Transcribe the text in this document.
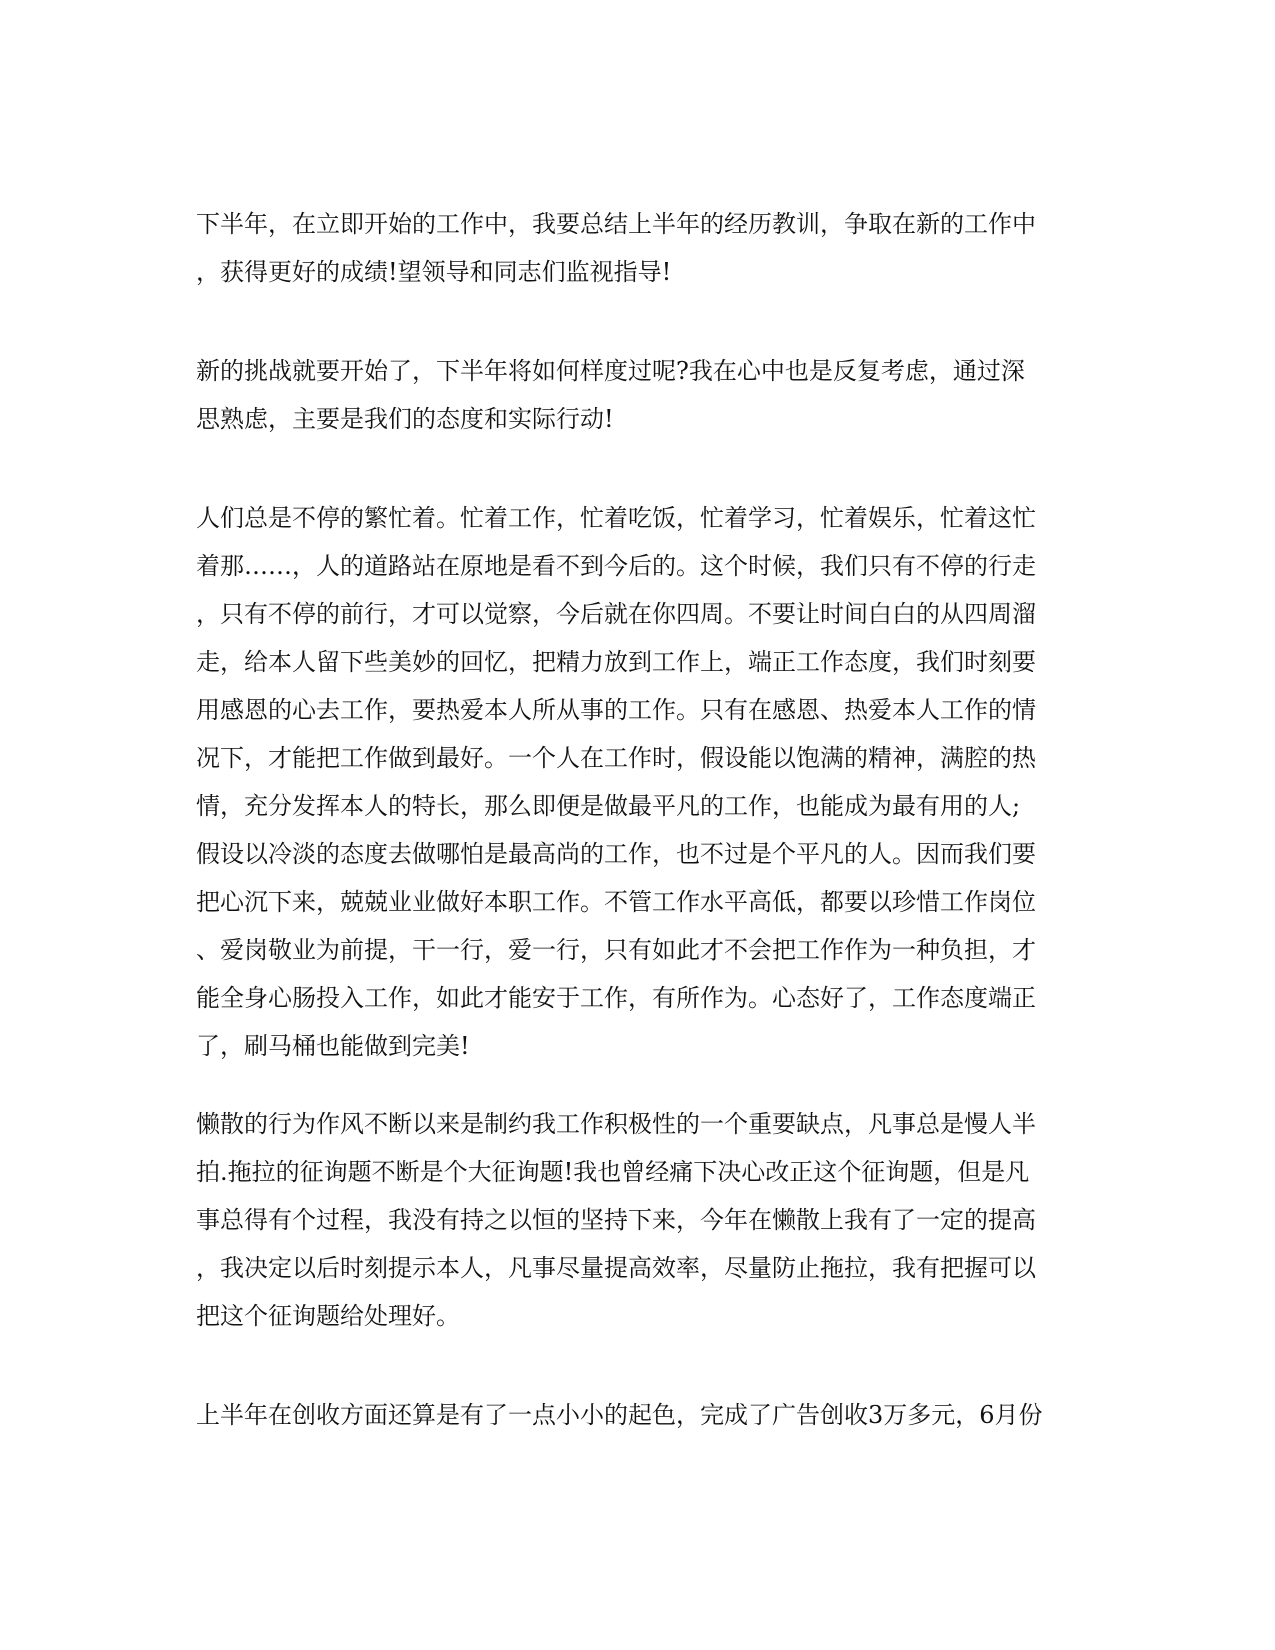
下半年，在立即开始的工作中，我要总结上半年的经历教训，争取在新的工作中
，获得更好的成绩!望领导和同志们监视指导!

新的挑战就要开始了，下半年将如何样度过呢?我在心中也是反复考虑，通过深
思熟虑，主要是我们的态度和实际行动!

人们总是不停的繁忙着。忙着工作，忙着吃饭，忙着学习，忙着娱乐，忙着这忙
着那……，人的道路站在原地是看不到今后的。这个时候，我们只有不停的行走
，只有不停的前行，才可以觉察，今后就在你四周。不要让时间白白的从四周溜
走，给本人留下些美妙的回忆，把精力放到工作上，端正工作态度，我们时刻要
用感恩的心去工作，要热爱本人所从事的工作。只有在感恩、热爱本人工作的情
况下，才能把工作做到最好。一个人在工作时，假设能以饱满的精神，满腔的热
情，充分发挥本人的特长，那么即便是做最平凡的工作，也能成为最有用的人;
假设以冷淡的态度去做哪怕是最高尚的工作，也不过是个平凡的人。因而我们要
把心沉下来，兢兢业业做好本职工作。不管工作水平高低，都要以珍惜工作岗位
、爱岗敬业为前提，干一行，爱一行，只有如此才不会把工作作为一种负担，才
能全身心肠投入工作，如此才能安于工作，有所作为。心态好了，工作态度端正
了，刷马桶也能做到完美!

懒散的行为作风不断以来是制约我工作积极性的一个重要缺点，凡事总是慢人半
拍.拖拉的征询题不断是个大征询题!我也曾经痛下决心改正这个征询题，但是凡
事总得有个过程，我没有持之以恒的坚持下来，今年在懒散上我有了一定的提高
，我决定以后时刻提示本人，凡事尽量提高效率，尽量防止拖拉，我有把握可以
把这个征询题给处理好。

上半年在创收方面还算是有了一点小小的起色，完成了广告创收3万多元，6月份
